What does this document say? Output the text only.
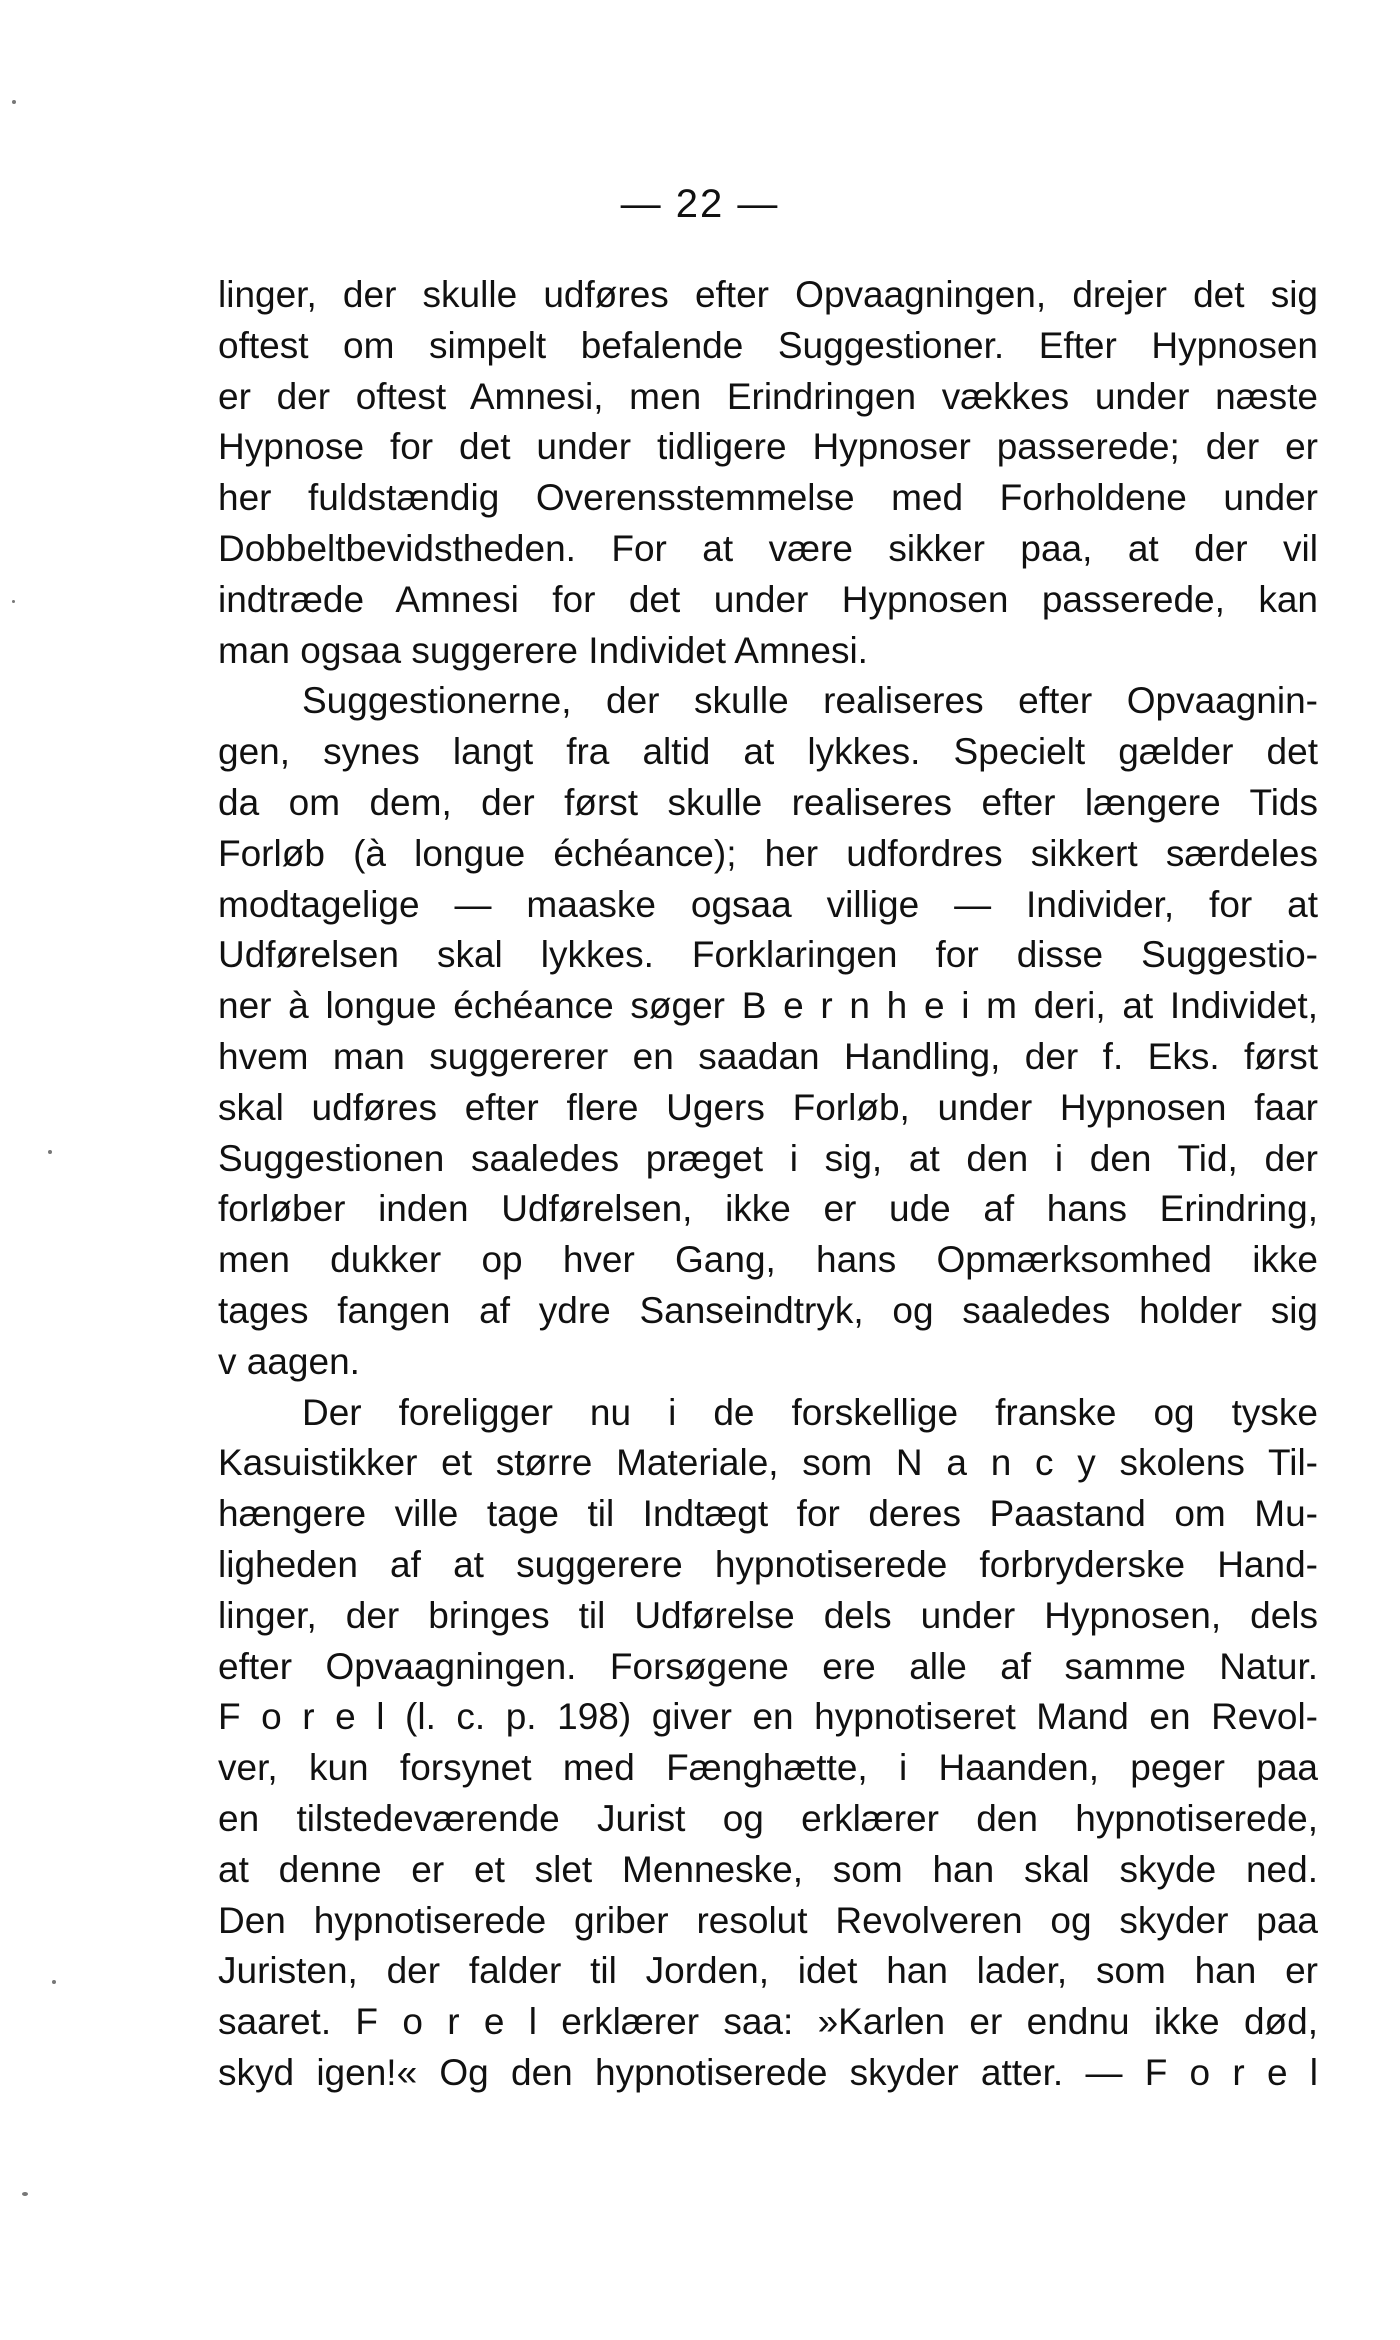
— 22 —
linger, der skulle udføres efter Opvaagningen, drejer det sig
oftest om simpelt befalende Suggestioner. Efter Hypnosen
er der oftest Amnesi, men Erindringen vækkes under næste
Hypnose for det under tidligere Hypnoser passerede; der er
her fuldstændig Overensstemmelse med Forholdene under
Dobbeltbevidstheden. For at være sikker paa, at der vil
indtræde Amnesi for det under Hypnosen passerede, kan
man ogsaa suggerere Individet Amnesi.
Suggestionerne, der skulle realiseres efter Opvaagnin-
gen, synes langt fra altid at lykkes. Specielt gælder det
da om dem, der først skulle realiseres efter længere Tids
Forløb (à longue échéance); her udfordres sikkert særdeles
modtagelige — maaske ogsaa villige — Individer, for at
Udførelsen skal lykkes. Forklaringen for disse Suggestio-
ner à longue échéance søger B e r n h e i m deri, at Individet,
hvem man suggererer en saadan Handling, der f. Eks. først
skal udføres efter flere Ugers Forløb, under Hypnosen faar
Suggestionen saaledes præget i sig, at den i den Tid, der
forløber inden Udførelsen, ikke er ude af hans Erindring,
men dukker op hver Gang, hans Opmærksomhed ikke
tages fangen af ydre Sanseindtryk, og saaledes holder sig
v aagen.
Der foreligger nu i de forskellige franske og tyske
Kasuistikker et større Materiale, som N a n c y skolens Til-
hængere ville tage til Indtægt for deres Paastand om Mu-
ligheden af at suggerere hypnotiserede forbryderske Hand-
linger, der bringes til Udførelse dels under Hypnosen, dels
efter Opvaagningen. Forsøgene ere alle af samme Natur.
F o r e l (l. c. p. 198) giver en hypnotiseret Mand en Revol-
ver, kun forsynet med Fænghætte, i Haanden, peger paa
en tilstedeværende Jurist og erklærer den hypnotiserede,
at denne er et slet Menneske, som han skal skyde ned.
Den hypnotiserede griber resolut Revolveren og skyder paa
Juristen, der falder til Jorden, idet han lader, som han er
saaret. F o r e l erklærer saa: »Karlen er endnu ikke død,
skyd igen!« Og den hypnotiserede skyder atter. — F o r e l
